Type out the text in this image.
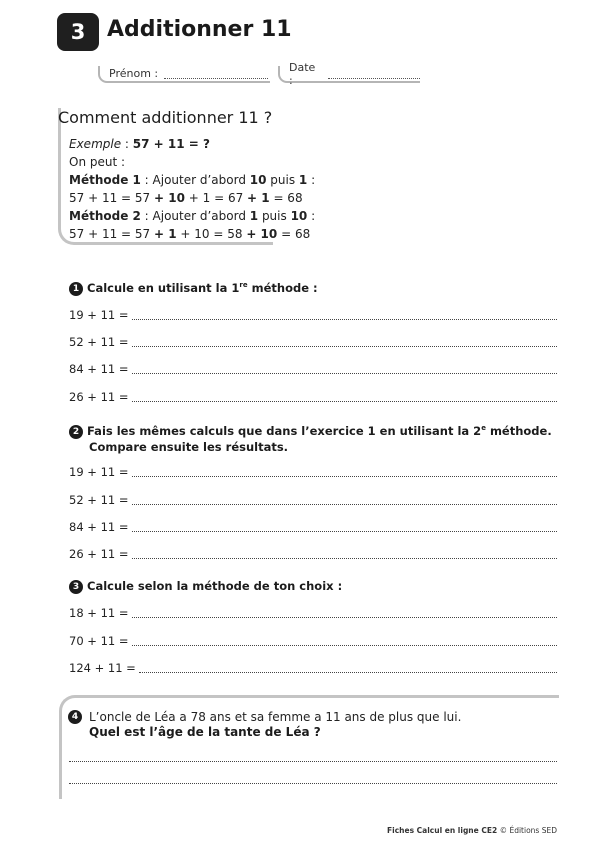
3 Additionner 11
Prénom :	Date :
Comment additionner 11 ?
Exemple : 57 + 11 = ?
On peut :
Méthode 1 : Ajouter d’abord 10 puis 1 :
57 + 11 = 57 + 10 + 1 = 67 + 1 = 68
Méthode 2 : Ajouter d’abord 1 puis 10 :
57 + 11 = 57 + 1 + 10 = 58 + 10 = 68
1 Calcule en utilisant la 1re méthode :
19 + 11 =
52 + 11 =
84 + 11 =
26 + 11 =
2 Fais les mêmes calculs que dans l’exercice 1 en utilisant la 2e méthode.
Compare ensuite les résultats.
19 + 11 =
52 + 11 =
84 + 11 =
26 + 11 =
3 Calcule selon la méthode de ton choix :
18 + 11 =
70 + 11 =
124 + 11 =
4 L’oncle de Léa a 78 ans et sa femme a 11 ans de plus que lui.
Quel est l’âge de la tante de Léa ?
Fiches Calcul en ligne CE2 © Éditions SED
